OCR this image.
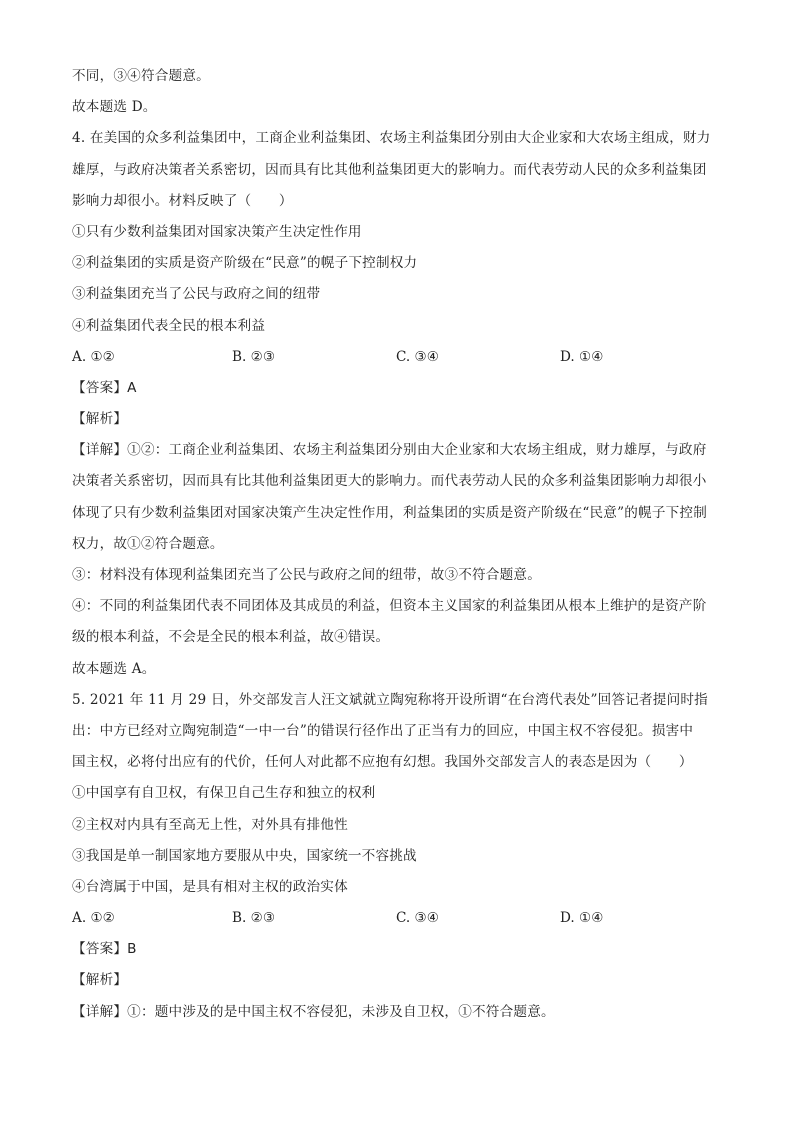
不同，③④符合题意。
故本题选 D。
4. 在美国的众多利益集团中，工商企业利益集团、农场主利益集团分别由大企业家和大农场主组成，财力
雄厚，与政府决策者关系密切，因而具有比其他利益集团更大的影响力。而代表劳动人民的众多利益集团
影响力却很小。材料反映了（　　）
①只有少数利益集团对国家决策产生决定性作用
②利益集团的实质是资产阶级在“民意”的幌子下控制权力
③利益集团充当了公民与政府之间的纽带
④利益集团代表全民的根本利益
A. ①②	B. ②③	C. ③④	D. ①④
【答案】A
【解析】
【详解】①②：工商企业利益集团、农场主利益集团分别由大企业家和大农场主组成，财力雄厚，与政府
决策者关系密切，因而具有比其他利益集团更大的影响力。而代表劳动人民的众多利益集团影响力却很小
体现了只有少数利益集团对国家决策产生决定性作用，利益集团的实质是资产阶级在“民意”的幌子下控制
权力，故①②符合题意。
③：材料没有体现利益集团充当了公民与政府之间的纽带，故③不符合题意。
④：不同的利益集团代表不同团体及其成员的利益，但资本主义国家的利益集团从根本上维护的是资产阶
级的根本利益，不会是全民的根本利益，故④错误。
故本题选 A。
5. 2021 年 11 月 29 日，外交部发言人汪文斌就立陶宛称将开设所谓“在台湾代表处”回答记者提问时指
出：中方已经对立陶宛制造“一中一台”的错误行径作出了正当有力的回应，中国主权不容侵犯。损害中
国主权，必将付出应有的代价，任何人对此都不应抱有幻想。我国外交部发言人的表态是因为（　　）
①中国享有自卫权，有保卫自己生存和独立的权利
②主权对内具有至高无上性，对外具有排他性
③我国是单一制国家地方要服从中央，国家统一不容挑战
④台湾属于中国，是具有相对主权的政治实体
A. ①②	B. ②③	C. ③④	D. ①④
【答案】B
【解析】
【详解】①：题中涉及的是中国主权不容侵犯，未涉及自卫权，①不符合题意。
